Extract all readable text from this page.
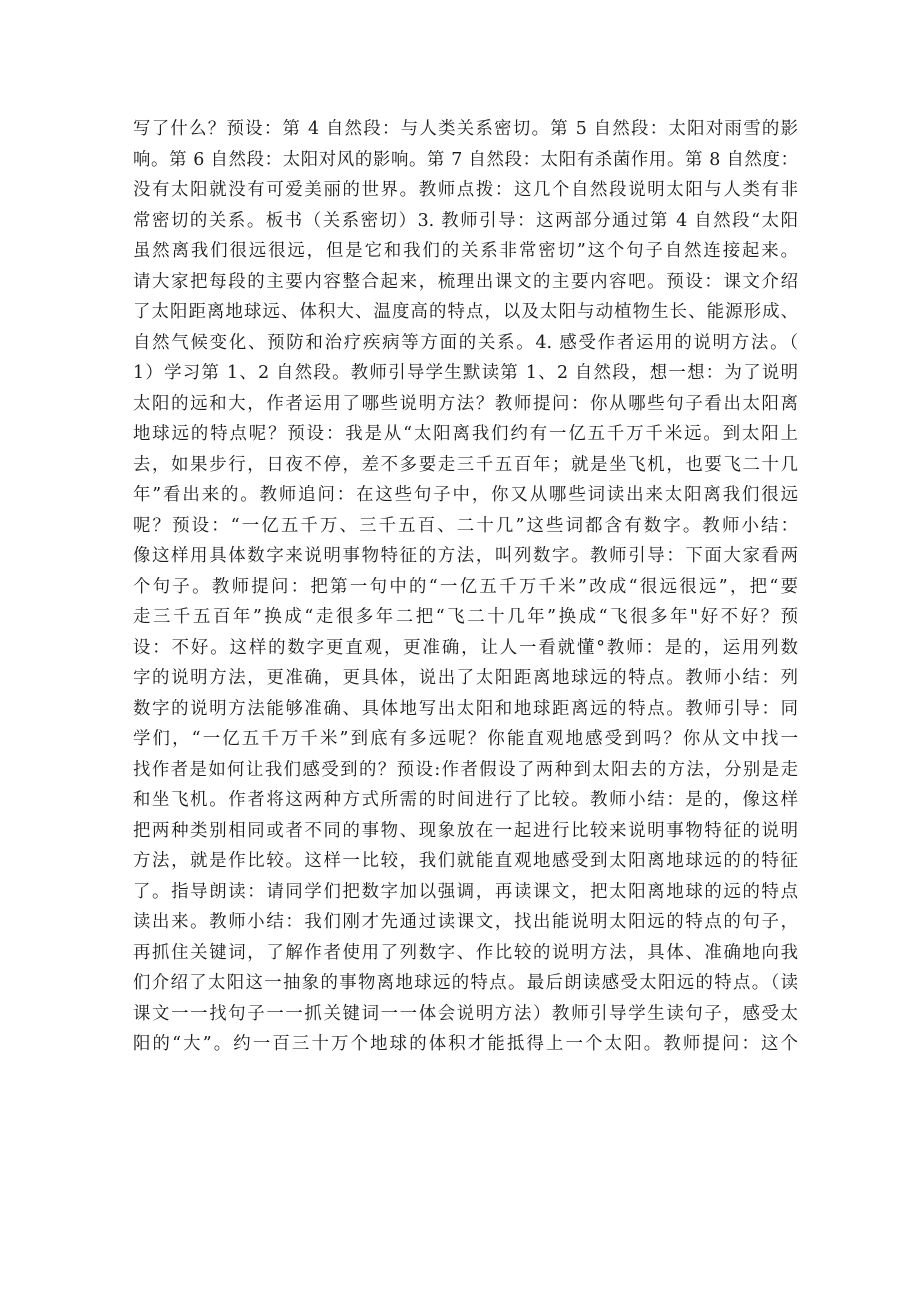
写了什么？预设：第 4 自然段：与人类关系密切。第 5 自然段：太阳对雨雪的影
响。第 6 自然段：太阳对风的影响。第 7 自然段：太阳有杀菌作用。第 8 自然度：
没有太阳就没有可爱美丽的世界。教师点拨：这几个自然段说明太阳与人类有非
常密切的关系。板书（关系密切）3. 教师引导：这两部分通过第 4 自然段“太阳
虽然离我们很远很远，但是它和我们的关系非常密切”这个句子自然连接起来。
请大家把每段的主要内容整合起来，梳理出课文的主要内容吧。预设：课文介绍
了太阳距离地球远、体积大、温度高的特点，以及太阳与动植物生长、能源形成、
自然气候变化、预防和治疗疾病等方面的关系。4. 感受作者运用的说明方法。（
1）学习第 1、2 自然段。教师引导学生默读第 1、2 自然段，想一想：为了说明
太阳的远和大，作者运用了哪些说明方法？教师提问：你从哪些句子看出太阳离
地球远的特点呢？预设：我是从“太阳离我们约有一亿五千万千米远。到太阳上
去，如果步行，日夜不停，差不多要走三千五百年；就是坐飞机，也要飞二十几
年”看出来的。教师追问：在这些句子中，你又从哪些词读出来太阳离我们很远
呢？预设：“一亿五千万、三千五百、二十几”这些词都含有数字。教师小结：
像这样用具体数字来说明事物特征的方法，叫列数字。教师引导：下面大家看两
个句子。教师提问：把第一句中的“一亿五千万千米”改成“很远很远”，把“要
走三千五百年”换成“走很多年二把“飞二十几年”换成“飞很多年"好不好？预
设：不好。这样的数字更直观，更准确，让人一看就懂°教师：是的，运用列数
字的说明方法，更准确，更具体，说出了太阳距离地球远的特点。教师小结：列
数字的说明方法能够准确、具体地写出太阳和地球距离远的特点。教师引导：同
学们，“一亿五千万千米”到底有多远呢？你能直观地感受到吗？你从文中找一
找作者是如何让我们感受到的？预设:作者假设了两种到太阳去的方法，分别是走
和坐飞机。作者将这两种方式所需的时间进行了比较。教师小结：是的，像这样
把两种类别相同或者不同的事物、现象放在一起进行比较来说明事物特征的说明
方法，就是作比较。这样一比较，我们就能直观地感受到太阳离地球远的的特征
了。指导朗读：请同学们把数字加以强调，再读课文，把太阳离地球的远的特点
读出来。教师小结：我们刚才先通过读课文，找出能说明太阳远的特点的句子，
再抓住关键词，了解作者使用了列数字、作比较的说明方法，具体、准确地向我
们介绍了太阳这一抽象的事物离地球远的特点。最后朗读感受太阳远的特点。（读
课文一一找句子一一抓关键词一一体会说明方法）教师引导学生读句子，感受太
阳的“大”。约一百三十万个地球的体积才能抵得上一个太阳。教师提问：这个
